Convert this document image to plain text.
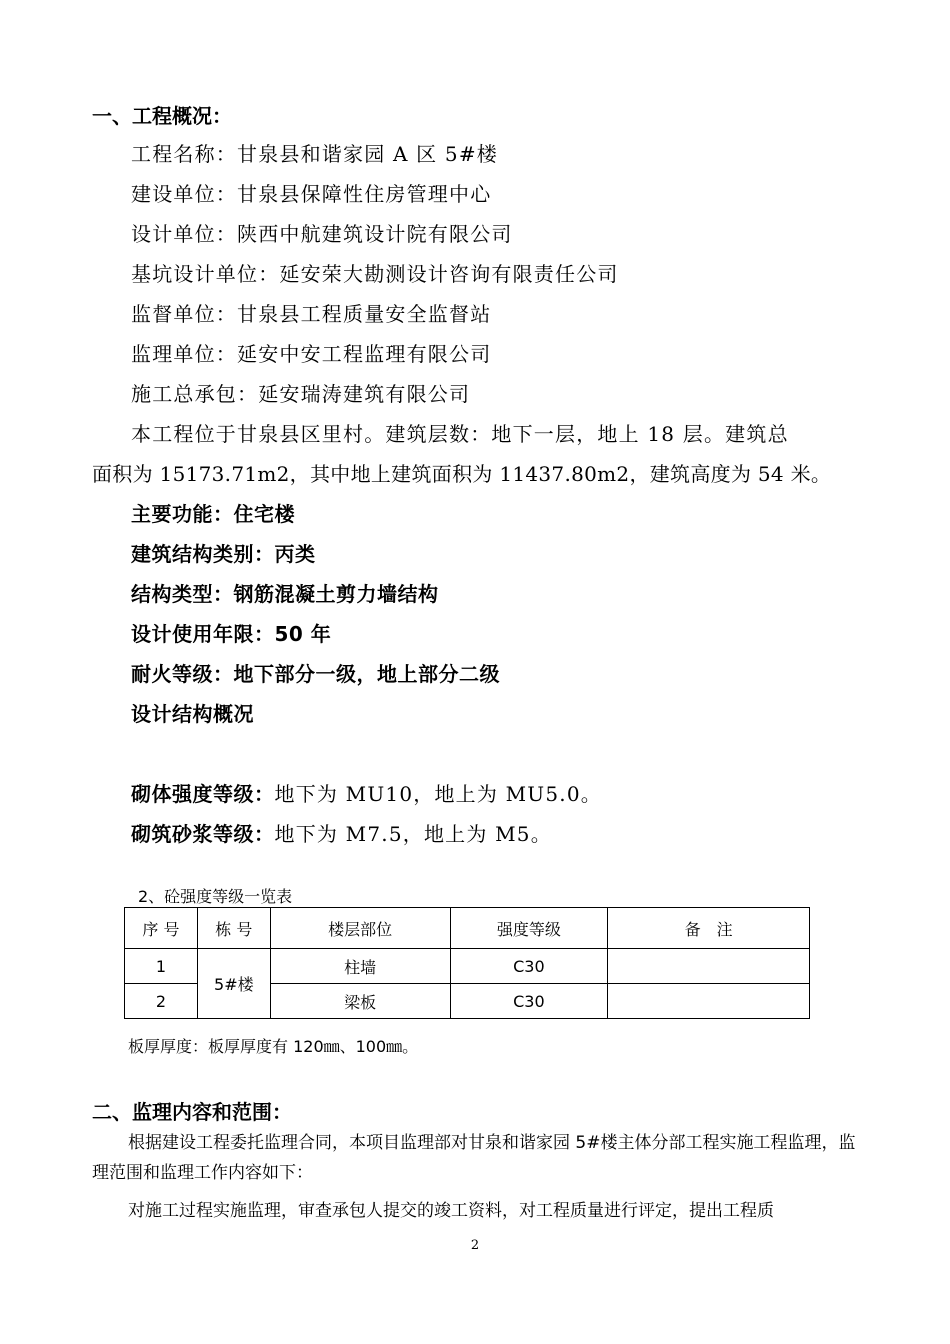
一、工程概况：
工程名称：甘泉县和谐家园 A 区 5#楼
建设单位：甘泉县保障性住房管理中心
设计单位：陕西中航建筑设计院有限公司
基坑设计单位：延安荣大勘测设计咨询有限责任公司
监督单位：甘泉县工程质量安全监督站
监理单位：延安中安工程监理有限公司
施工总承包：延安瑞涛建筑有限公司
本工程位于甘泉县区里村。建筑层数：地下一层，地上 18 层。建筑总
面积为 15173.71m2，其中地上建筑面积为 11437.80m2，建筑高度为 54 米。
主要功能：住宅楼
建筑结构类别：丙类
结构类型：钢筋混凝土剪力墙结构
设计使用年限：50 年
耐火等级：地下部分一级，地上部分二级
设计结构概况
砌体强度等级：地下为 MU10，地上为 MU5.0。
砌筑砂浆等级：地下为 M7.5，地上为 M5。
2、砼强度等级一览表
序 号	栋 号	楼层部位	强度等级	备　注
1	5#楼	柱墙	C30	
2		梁板	C30	
板厚厚度：板厚厚度有 120㎜、100㎜。
二、监理内容和范围：
根据建设工程委托监理合同，本项目监理部对甘泉和谐家园 5#楼主体分部工程实施工程监理，监理范围和监理工作内容如下：
对施工过程实施监理，审查承包人提交的竣工资料，对工程质量进行评定，提出工程质
2
